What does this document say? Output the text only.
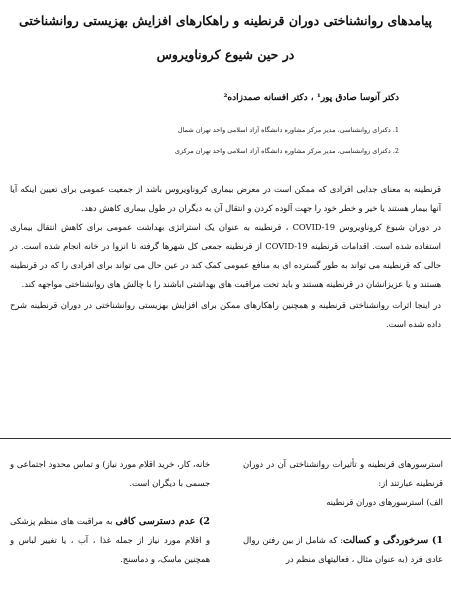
پیامدهای روانشناختی دوران قرنطینه و راهکارهای افزایش بهزیستی روانشناختی
در حین شیوع کروناویروس
دکتر آنوسا صادق پور¹ ، دکتر افسانه صمدزاده²
1. دکترای روانشناسی، مدیر مرکز مشاوره دانشگاه آزاد اسلامی واحد تهران شمال
2. دکترای روانشناسی، مدیر مرکز مشاوره دانشگاه آزاد اسلامی واحد تهران مرکزی

قرنطینه به معنای جدایی افرادی که ممکن است در معرض بیماری کروناویروس باشد از جمعیت عمومی برای تعیین اینکه آیا آنها بیمار هستند یا خیر و خطر خود را جهت آلوده کردن و انتقال آن به دیگران در طول بیماری کاهش دهد.

در دوران شیوع کروناویروس COVID-19 ، قرنطینه به عنوان یک استراتژی بهداشت عمومی برای کاهش انتقال بیماری استفاده شده است. اقدامات قرنطینه COVID-19 از قرنطینه جمعی کل شهرها گرفته تا انزوا در خانه انجام شده است. در حالی که قرنطینه می تواند به طور گسترده ای به منافع عمومی کمک کند در عین حال می تواند برای افرادی را که در قرنطینه هستند و یا عزیزانشان در قرنطینه هستند و باید تحت مراقبت های بهداشتی اباشند را با چالش های روانشناختی مواجهه کند.

در اینجا اثرات روانشناختی قرنطینه و همچنین راهکارهای ممکن برای افزایش بهزیستی روانشناختی در دوران قرنطینه شرح داده شده است.

استرسورهای قرنطینه و تأثیرات روانشناختی آن در دوران قرنطینه عبارتند از:

الف) استرسورهای دوران قرنطینه

1) سرخوردگی و کسالت: که شامل از بین رفتن روال عادی فرد (به عنوان مثال ، فعالیتهای منظم در

خانه، کار، خرید اقلام مورد نیاز) و تماس محدود اجتماعی و جسمی با دیگران است.

2) عدم دسترسی کافی به مراقبت های منظم پزشکی و اقلام مورد نیاز از جمله غذا ، آب ، یا تغییر لباس و همچنین ماسک، و دماسنج.
